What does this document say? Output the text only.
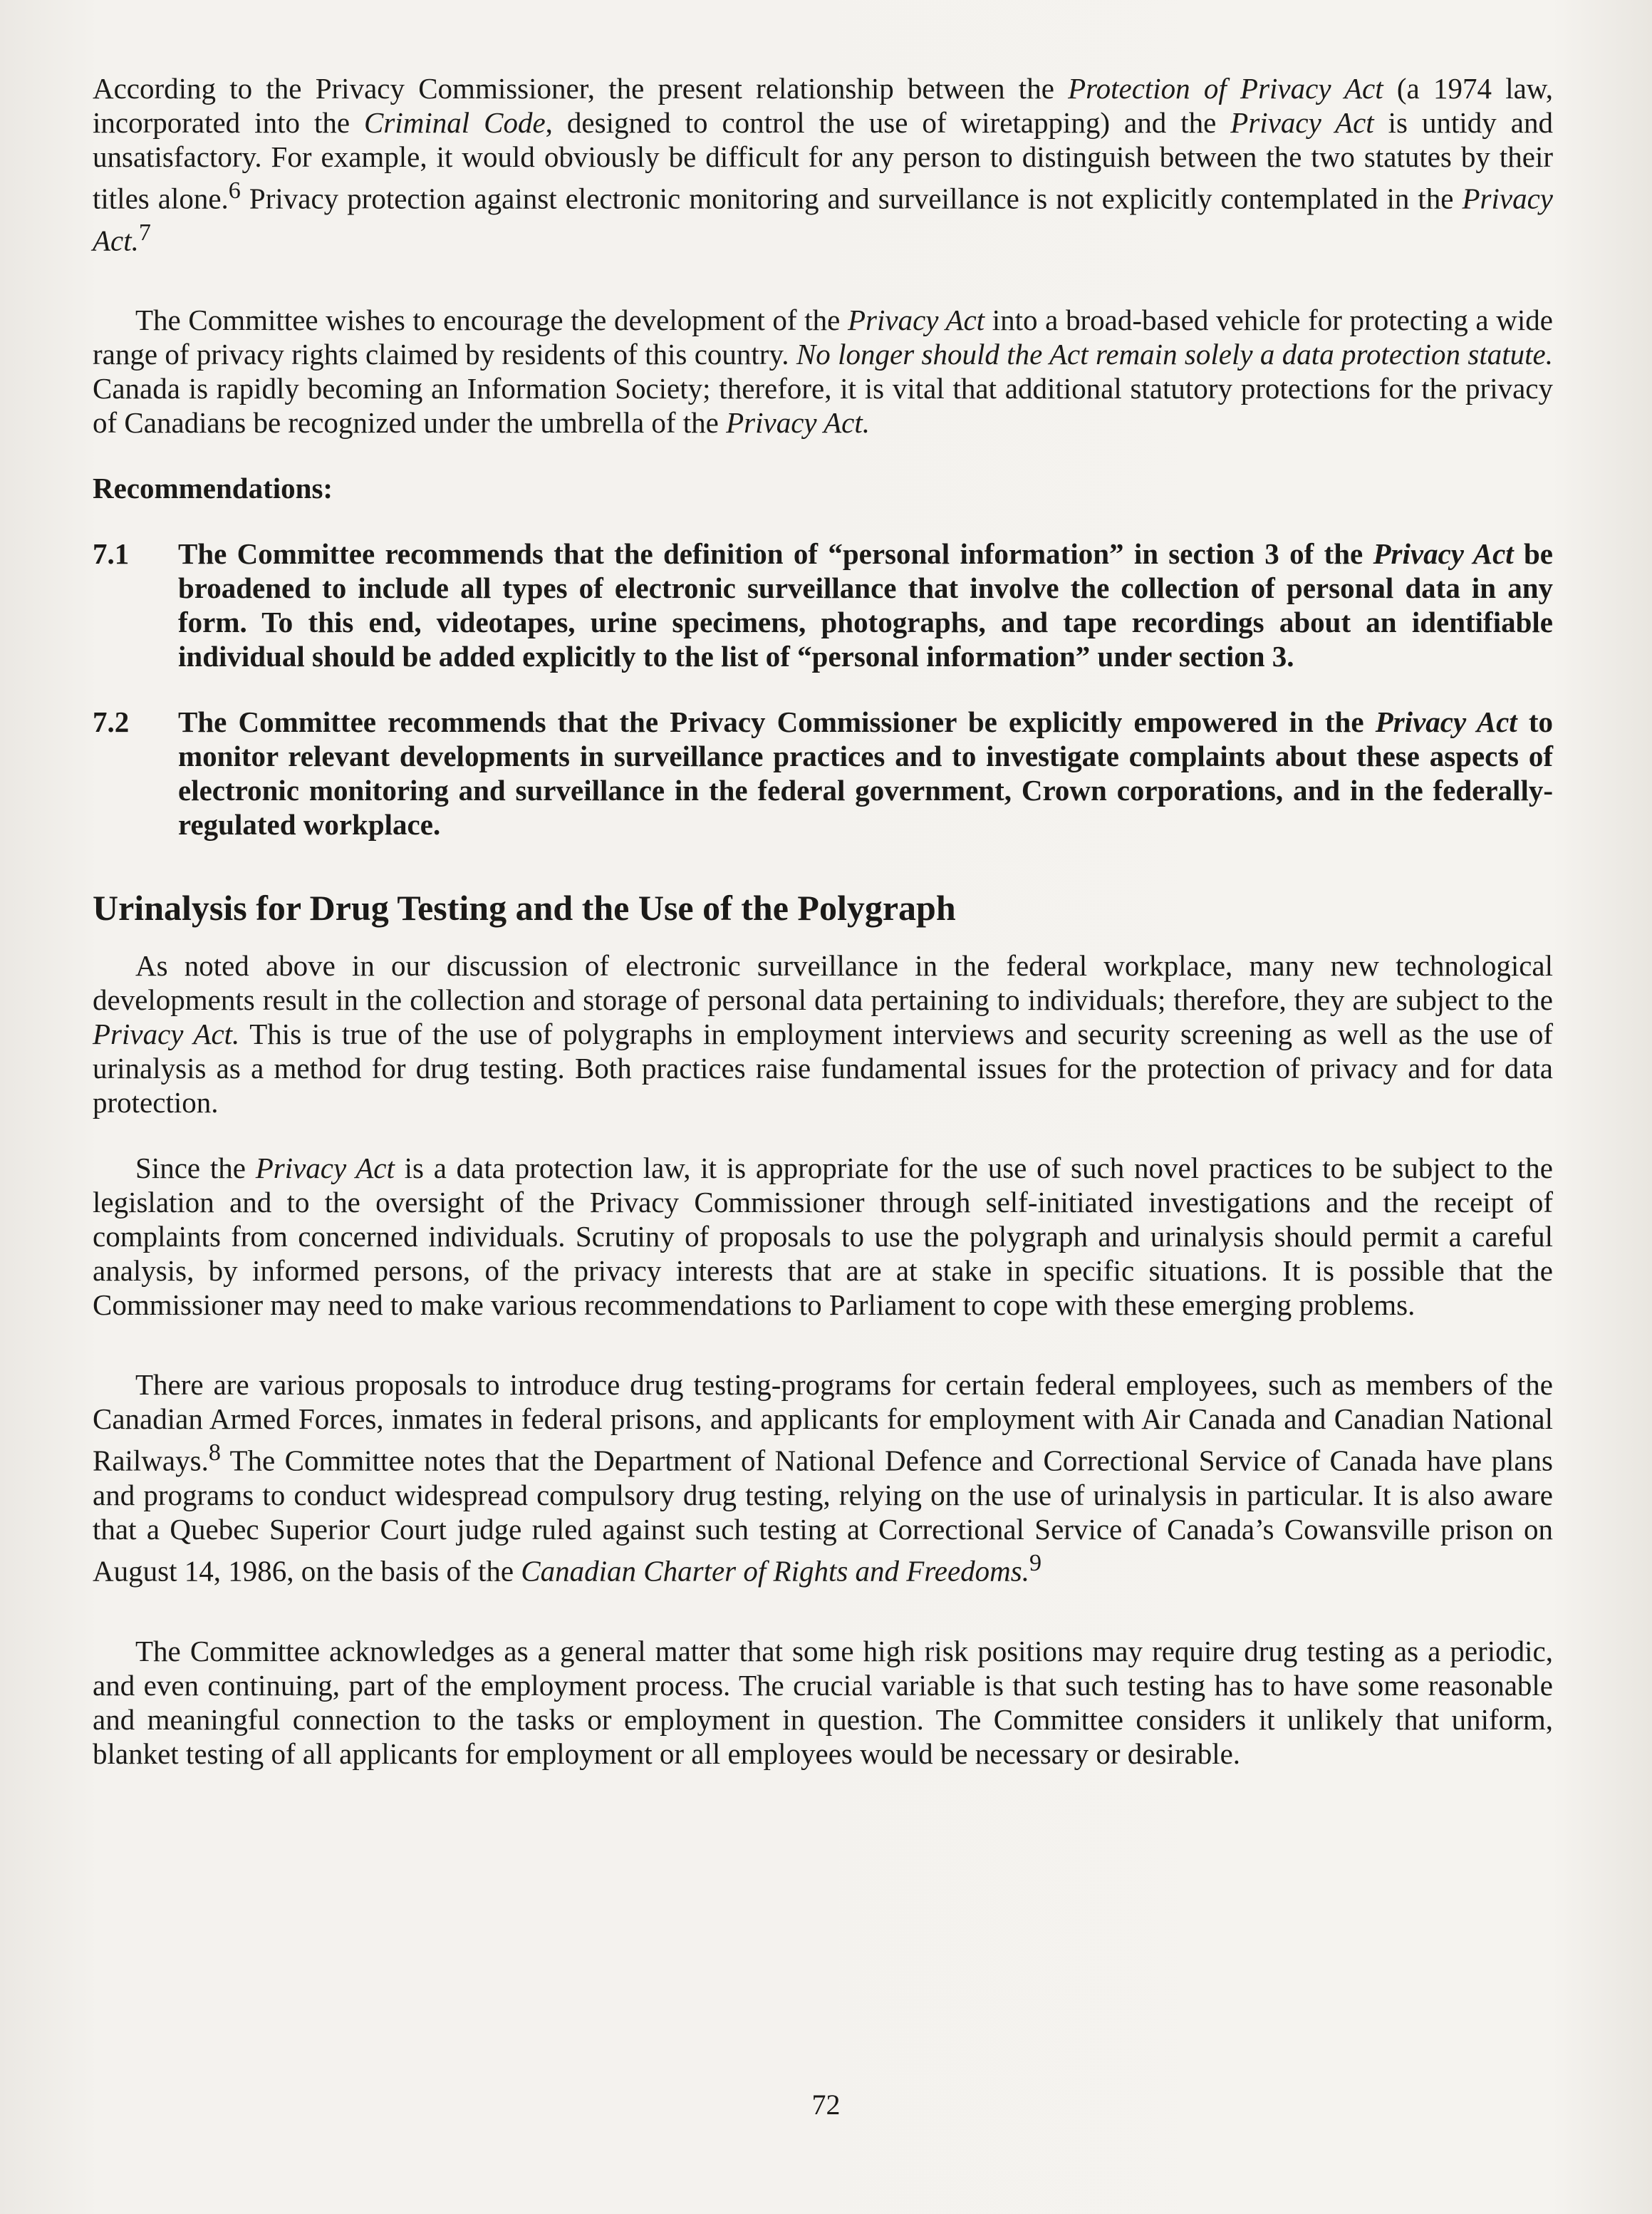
According to the Privacy Commissioner, the present relationship between the Protection of Privacy Act (a 1974 law, incorporated into the Criminal Code, designed to control the use of wiretapping) and the Privacy Act is untidy and unsatisfactory. For example, it would obviously be difficult for any person to distinguish between the two statutes by their titles alone.$^6$ Privacy protection against electronic monitoring and surveillance is not explicitly contemplated in the Privacy Act.$^7$

The Committee wishes to encourage the development of the Privacy Act into a broad-based vehicle for protecting a wide range of privacy rights claimed by residents of this country. No longer should the Act remain solely a data protection statute. Canada is rapidly becoming an Information Society; therefore, it is vital that additional statutory protections for the privacy of Canadians be recognized under the umbrella of the Privacy Act.

Recommendations:

7.1	The Committee recommends that the definition of “personal information” in section 3 of the Privacy Act be broadened to include all types of electronic surveillance that involve the collection of personal data in any form. To this end, videotapes, urine specimens, photographs, and tape recordings about an identifiable individual should be added explicitly to the list of “personal information” under section 3.
7.2	The Committee recommends that the Privacy Commissioner be explicitly empowered in the Privacy Act to monitor relevant developments in surveillance practices and to investigate complaints about these aspects of electronic monitoring and surveillance in the federal government, Crown corporations, and in the federally-regulated workplace.
Urinalysis for Drug Testing and the Use of the Polygraph

As noted above in our discussion of electronic surveillance in the federal workplace, many new technological developments result in the collection and storage of personal data pertaining to individuals; therefore, they are subject to the Privacy Act. This is true of the use of polygraphs in employment interviews and security screening as well as the use of urinalysis as a method for drug testing. Both practices raise fundamental issues for the protection of privacy and for data protection.

Since the Privacy Act is a data protection law, it is appropriate for the use of such novel practices to be subject to the legislation and to the oversight of the Privacy Commissioner through self-initiated investigations and the receipt of complaints from concerned individuals. Scrutiny of proposals to use the polygraph and urinalysis should permit a careful analysis, by informed persons, of the privacy interests that are at stake in specific situations. It is possible that the Commissioner may need to make various recommendations to Parliament to cope with these emerging problems.

There are various proposals to introduce drug testing-programs for certain federal employees, such as members of the Canadian Armed Forces, inmates in federal prisons, and applicants for employment with Air Canada and Canadian National Railways.$^8$ The Committee notes that the Department of National Defence and Correctional Service of Canada have plans and programs to conduct widespread compulsory drug testing, relying on the use of urinalysis in particular. It is also aware that a Quebec Superior Court judge ruled against such testing at Correctional Service of Canada’s Cowansville prison on August 14, 1986, on the basis of the Canadian Charter of Rights and Freedoms.$^9$

The Committee acknowledges as a general matter that some high risk positions may require drug testing as a periodic, and even continuing, part of the employment process. The crucial variable is that such testing has to have some reasonable and meaningful connection to the tasks or employment in question. The Committee considers it unlikely that uniform, blanket testing of all applicants for employment or all employees would be necessary or desirable.

72
